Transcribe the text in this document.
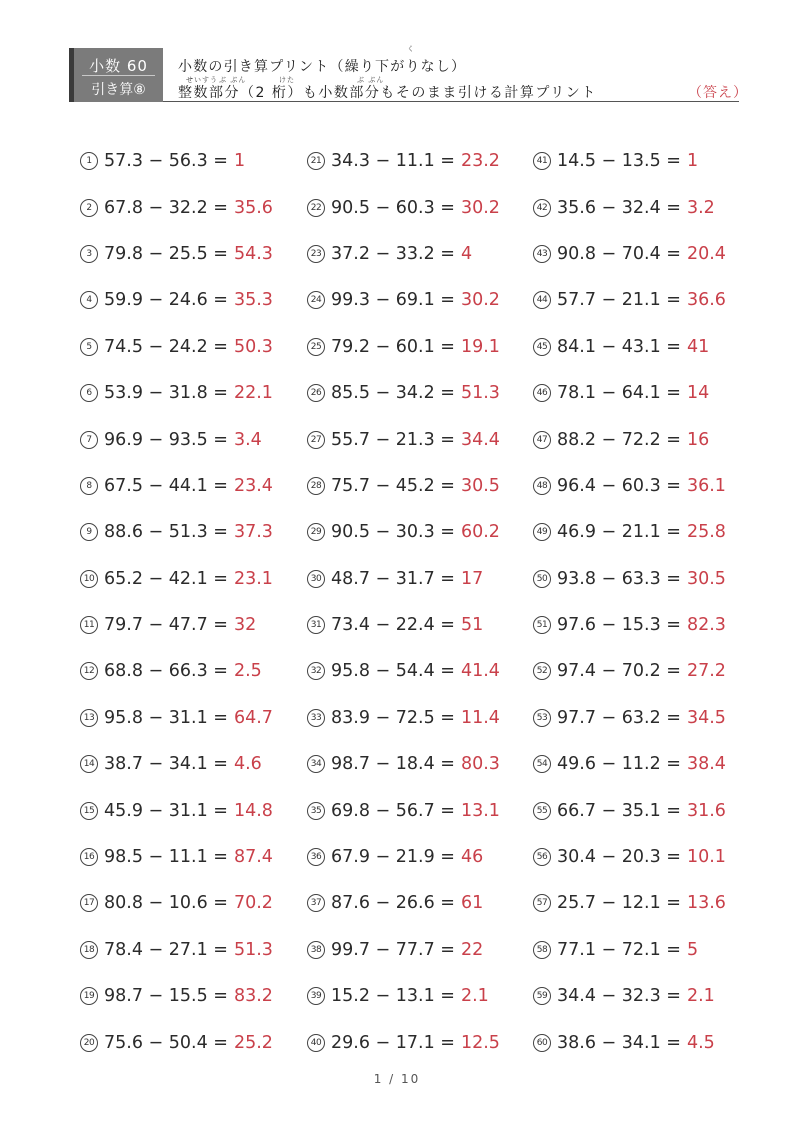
小数 60
引き算⑧
く
小数の引き算プリント（繰り下がりなし）
せいすう ぶ ぶん	けた	ぶ ぶん
整数部分（2 桁）も小数部分もそのまま引ける計算プリント	（答え）
1 57.3 − 56.3 = 1
2 67.8 − 32.2 = 35.6
3 79.8 − 25.5 = 54.3
4 59.9 − 24.6 = 35.3
5 74.5 − 24.2 = 50.3
6 53.9 − 31.8 = 22.1
7 96.9 − 93.5 = 3.4
8 67.5 − 44.1 = 23.4
9 88.6 − 51.3 = 37.3
10 65.2 − 42.1 = 23.1
11 79.7 − 47.7 = 32
12 68.8 − 66.3 = 2.5
13 95.8 − 31.1 = 64.7
14 38.7 − 34.1 = 4.6
15 45.9 − 31.1 = 14.8
16 98.5 − 11.1 = 87.4
17 80.8 − 10.6 = 70.2
18 78.4 − 27.1 = 51.3
19 98.7 − 15.5 = 83.2
20 75.6 − 50.4 = 25.2
21 34.3 − 11.1 = 23.2
22 90.5 − 60.3 = 30.2
23 37.2 − 33.2 = 4
24 99.3 − 69.1 = 30.2
25 79.2 − 60.1 = 19.1
26 85.5 − 34.2 = 51.3
27 55.7 − 21.3 = 34.4
28 75.7 − 45.2 = 30.5
29 90.5 − 30.3 = 60.2
30 48.7 − 31.7 = 17
31 73.4 − 22.4 = 51
32 95.8 − 54.4 = 41.4
33 83.9 − 72.5 = 11.4
34 98.7 − 18.4 = 80.3
35 69.8 − 56.7 = 13.1
36 67.9 − 21.9 = 46
37 87.6 − 26.6 = 61
38 99.7 − 77.7 = 22
39 15.2 − 13.1 = 2.1
40 29.6 − 17.1 = 12.5
41 14.5 − 13.5 = 1
42 35.6 − 32.4 = 3.2
43 90.8 − 70.4 = 20.4
44 57.7 − 21.1 = 36.6
45 84.1 − 43.1 = 41
46 78.1 − 64.1 = 14
47 88.2 − 72.2 = 16
48 96.4 − 60.3 = 36.1
49 46.9 − 21.1 = 25.8
50 93.8 − 63.3 = 30.5
51 97.6 − 15.3 = 82.3
52 97.4 − 70.2 = 27.2
53 97.7 − 63.2 = 34.5
54 49.6 − 11.2 = 38.4
55 66.7 − 35.1 = 31.6
56 30.4 − 20.3 = 10.1
57 25.7 − 12.1 = 13.6
58 77.1 − 72.1 = 5
59 34.4 − 32.3 = 2.1
60 38.6 − 34.1 = 4.5
1 / 10
